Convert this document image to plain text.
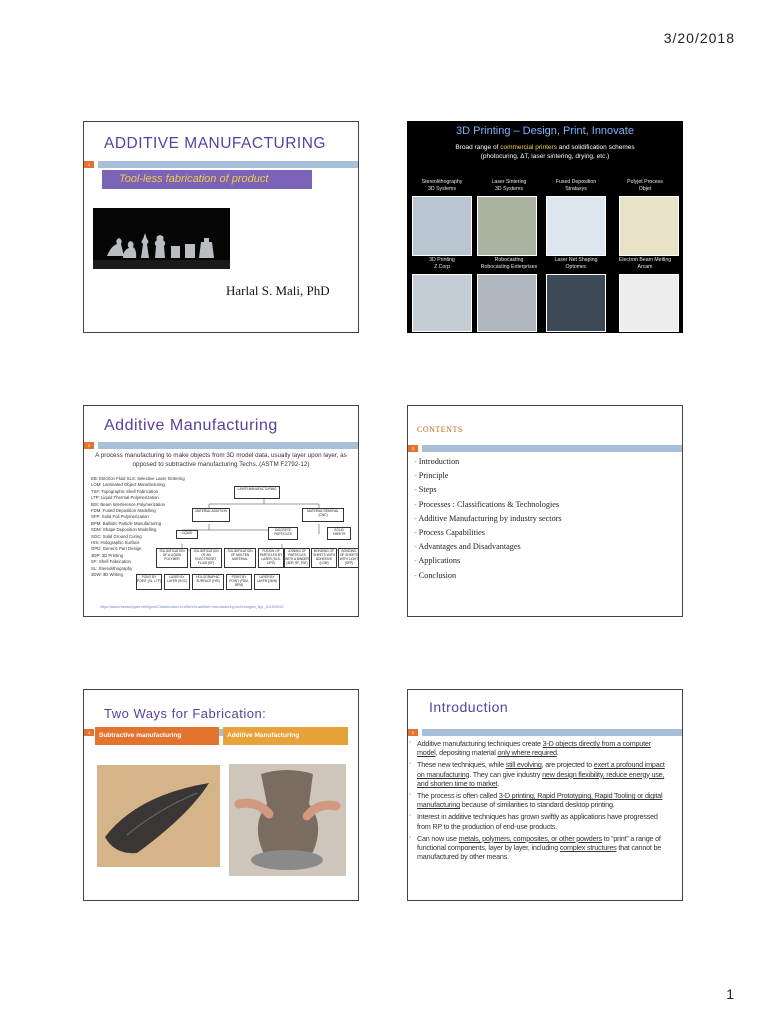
3/20/2018
ADDITIVE MANUFACTURING
1
Tool-less fabrication of product
Harlal S. Mali, PhD
3D Printing – Design, Print, Innovate
Broad range of commercial printers and solidification schemes
(photocuring, ∆T, laser sintering, drying, etc.)
Stereolithography
3D Systems
Laser Sintering
3D Systems
Fused Deposition
Stratasys
Polyjet Process
Objet
3D Printing
Z Corp
Robocasting
Robocasting Enterprises
Laser Net Shaping
Optomec
Electron Beam Melting
Arcam
Additive Manufacturing
2
A process manufacturing to make objects from 3D model data, usually layer upon layer, as opposed to subtractive manufacturing Techs..(ASTM F2792-12)
EB: Electron Fluid SLS: Selective Laser Sintering
LOM: Laminated Object Manufacturing
TSF: Topographic Shell Fabrication
LTP: Liquid Thermal Polymerization
BIS: Beam Interference Polymerization
FDM: Fused Deposition Modelling
SFP: Solid Foil Polymerization
BPM: Ballistic Particle Manufacturing
SDM: Shape Deposition Modelling
SGC: Solid Ground Curing
HIS: Holographic Surface
GPD: Generic Part Design
3DP: 3D Printing
SF: Shell Fabrication
SL: Stereolithography
3DW: 3D Writing
LAYER MANUFACTURING
MATERIAL ADDITION	MATERIAL REMOVAL (CNC)
LIQUID
DISCRETE PARTICLES
SOLID SHEETS
SOLIDIFICATION OF A LIQUID POLYMER
SOLIDIFICATION OF AN ELECTROSET FLUID (EF)
SOLIDIFICATION OF MOLTEN MATERIAL
FUSION OF PARTICLES BY LASER (SLS, DPS)
JOINING OF PARTICLES WITH A BINDER (3DP, SF, TSF)
BONDING OF SHEETS WITH ADHESIVE (LOM)
BONDING OF SHEETS WITH LIGHT (SFP)
POINT BY POINT (SL, LTP)
LAYER BY LAYER (SGC)
HOLOGRAPHIC SURFACE (HIS)
POINT BY POINT (FDM, BPM)
LAYER BY LAYER (3DW)
https://www.researchgate.net/figure/Classification-of-different-additive-manufacturing-technologies_fig1_301393915
CONTENTS
3
- Introduction
- Principle
- Steps
- Processes : Classifications & Technologies
- Additive Manufacturing by industry sectors
- Process Capabilities
- Advantages and Disadvantages
- Applications
- Conclusion
Two Ways for Fabrication:
4	Subtractive manufacturing	Additive Manufacturing
Introduction
5
▫ Additive manufacturing techniques create 3-D objects directly from a computer model, depositing material only where required.
▫ These new techniques, while still evolving, are projected to exert a profound impact on manufacturing. They can give industry new design flexibility, reduce energy use, and shorten time to market.
▫ The process is often called 3-D printing, Rapid Prototyping, Rapid Tooling or digital manufacturing because of similarities to standard desktop printing.
▫ Interest in additive techniques has grown swiftly as applications have progressed from RP to the production of end-use products.
▫ Can now use metals, polymers, composites, or other powders to “print” a range of functional components, layer by layer, including complex structures that cannot be manufactured by other means.
1
